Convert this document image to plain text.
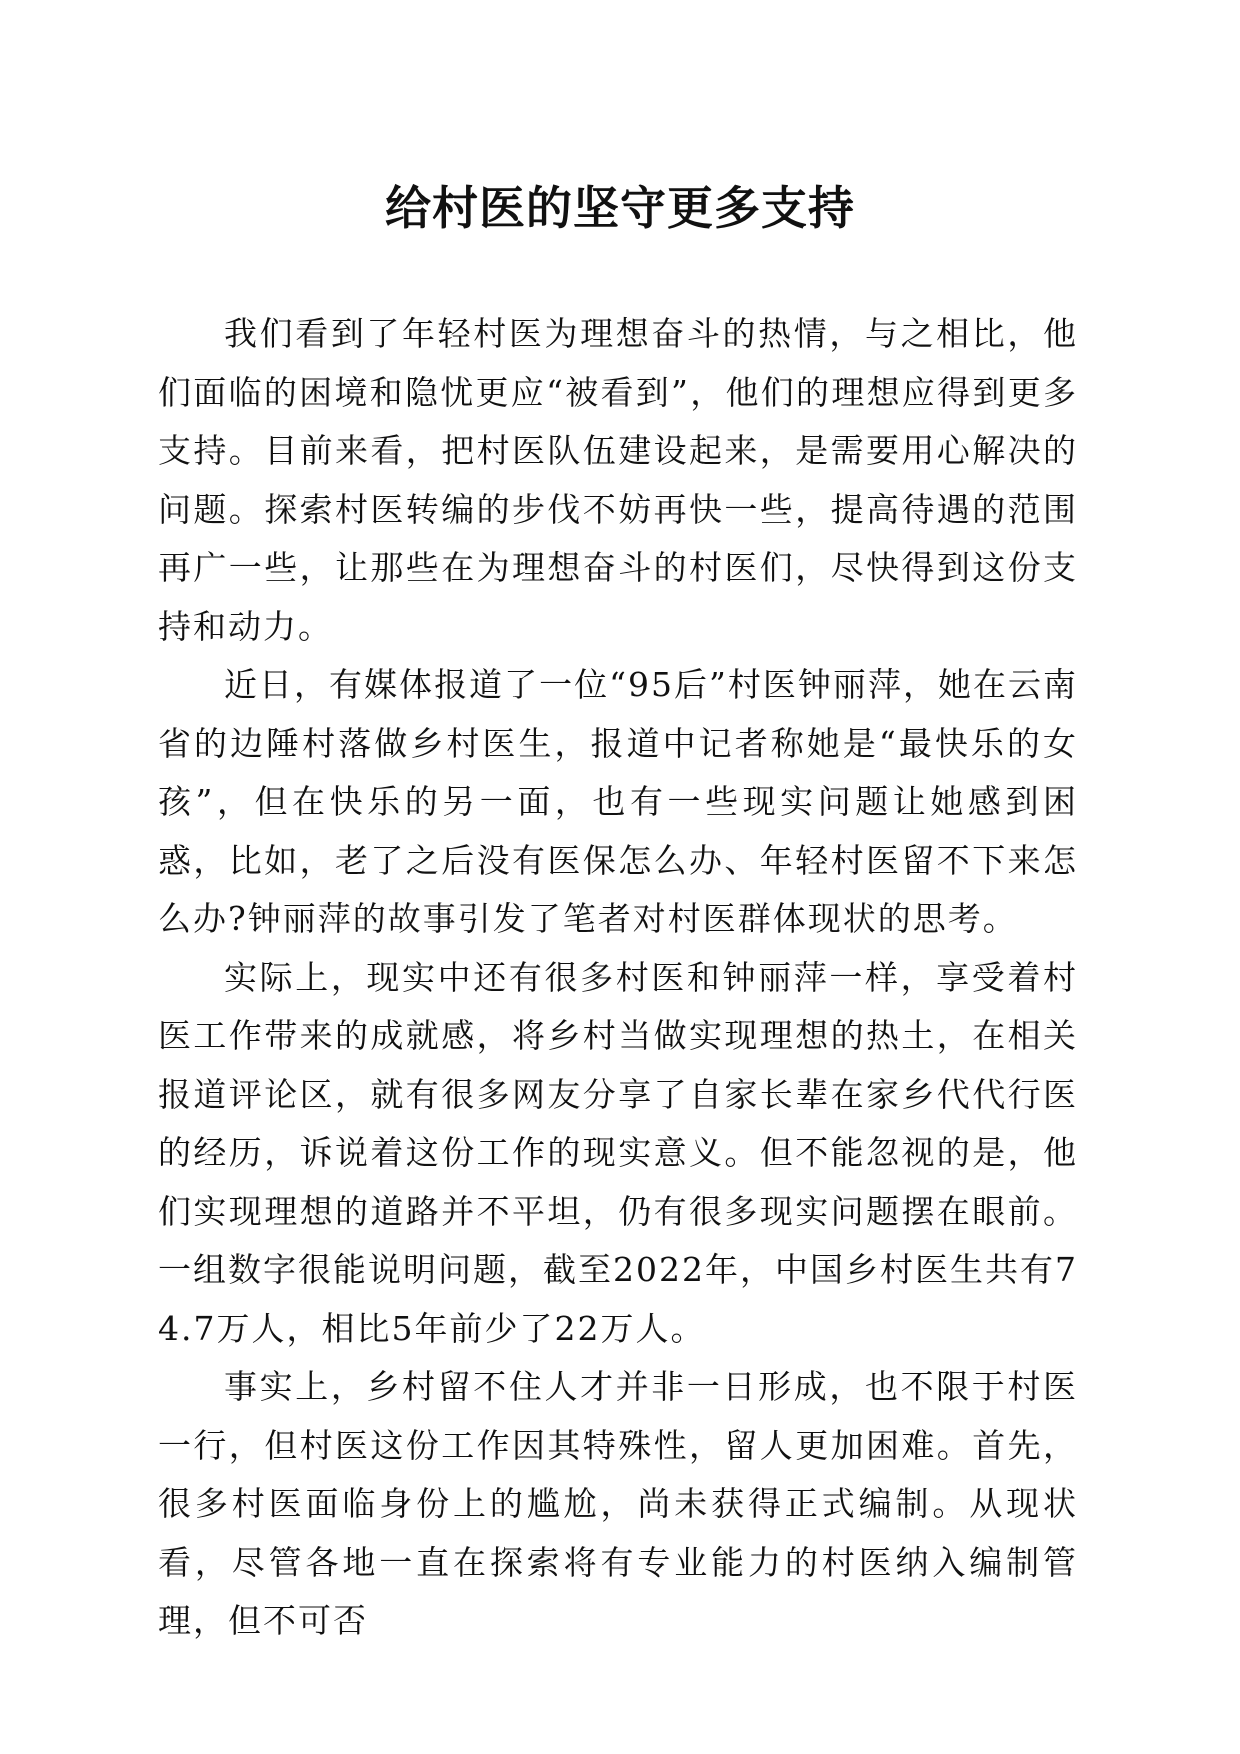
给村医的坚守更多支持

我们看到了年轻村医为理想奋斗的热情，与之相比，他们面临的困境和隐忧更应“被看到”，他们的理想应得到更多支持。目前来看，把村医队伍建设起来，是需要用心解决的问题。探索村医转编的步伐不妨再快一些，提高待遇的范围再广一些，让那些在为理想奋斗的村医们，尽快得到这份支持和动力。

近日，有媒体报道了一位“95后”村医钟丽萍，她在云南省的边陲村落做乡村医生，报道中记者称她是“最快乐的女孩”，但在快乐的另一面，也有一些现实问题让她感到困惑，比如，老了之后没有医保怎么办、年轻村医留不下来怎么办?钟丽萍的故事引发了笔者对村医群体现状的思考。

实际上，现实中还有很多村医和钟丽萍一样，享受着村医工作带来的成就感，将乡村当做实现理想的热土，在相关报道评论区，就有很多网友分享了自家长辈在家乡代代行医的经历，诉说着这份工作的现实意义。但不能忽视的是，他们实现理想的道路并不平坦，仍有很多现实问题摆在眼前。一组数字很能说明问题，截至2022年，中国乡村医生共有74.7万人，相比5年前少了22万人。

事实上，乡村留不住人才并非一日形成，也不限于村医一行，但村医这份工作因其特殊性，留人更加困难。首先，很多村医面临身份上的尴尬，尚未获得正式编制。从现状看，尽管各地一直在探索将有专业能力的村医纳入编制管理，但不可否
